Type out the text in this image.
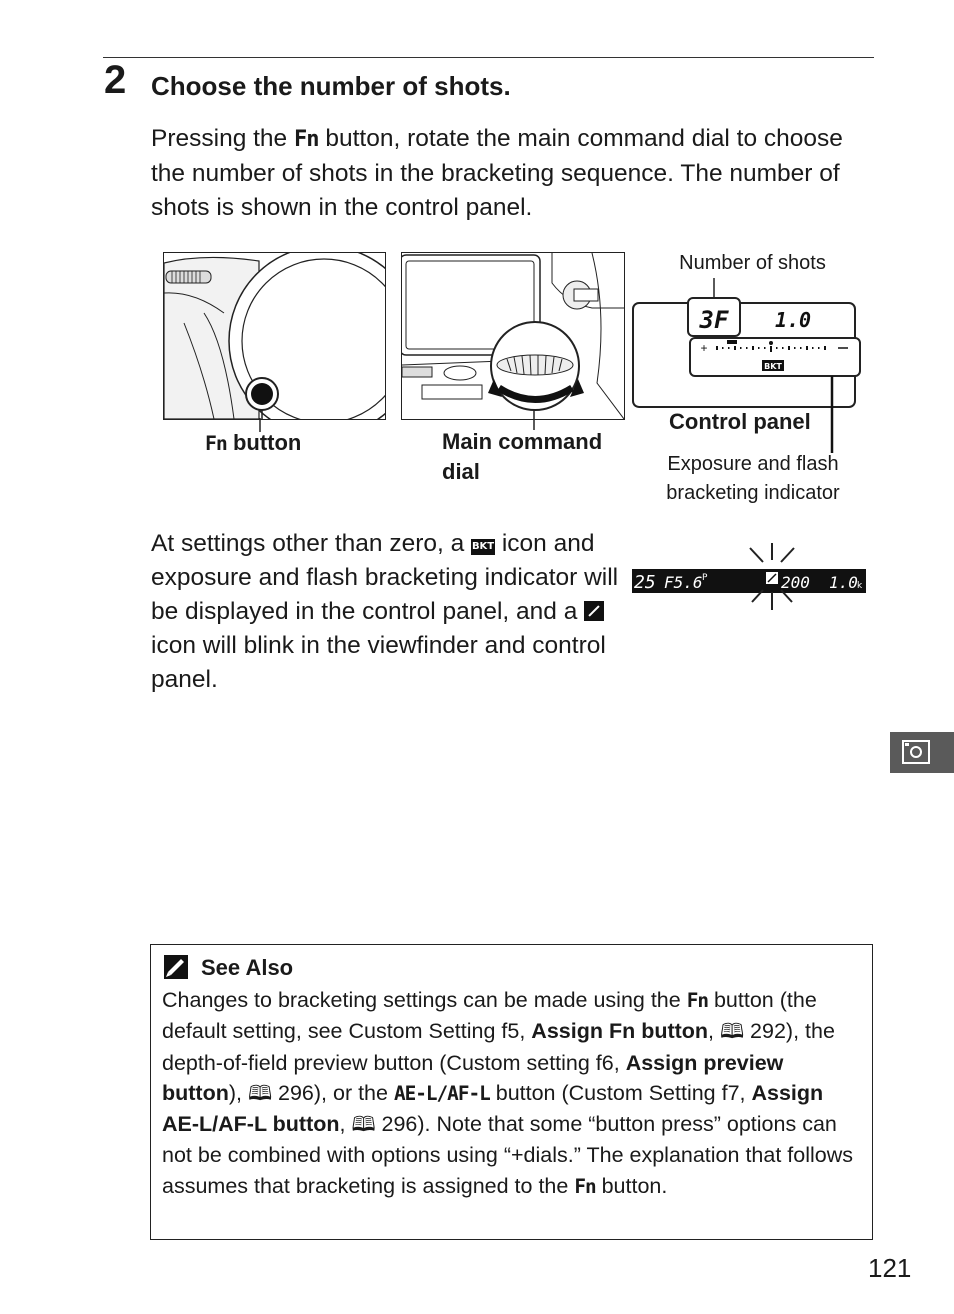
2 Choose the number of shots.

Pressing the Fn button, rotate the main command dial to choose the number of shots in the bracketing sequence. The number of shots is shown in the control panel.

Fn button	Main command dial
Number of shots
3F 1.0
+
BKT
Control panel
Exposure and flash bracketing indicator

At settings other than zero, a BKT icon and exposure and flash bracketing indicator will be displayed in the control panel, and a  icon will blink in the viewfinder and control panel.

25 F5.6 P	200 1.0 k
See Also

Changes to bracketing settings can be made using the Fn button (the default setting, see Custom Setting f5, Assign Fn button, 🕮 292), the depth-of-field preview button (Custom setting f6, Assign preview button), 🕮 296), or the AE-L/AF-L button (Custom Setting f7, Assign AE-L/AF-L button, 🕮 296). Note that some “button press” options can not be combined with options using “+dials.” The explanation that follows assumes that bracketing is assigned to the Fn button.

121
